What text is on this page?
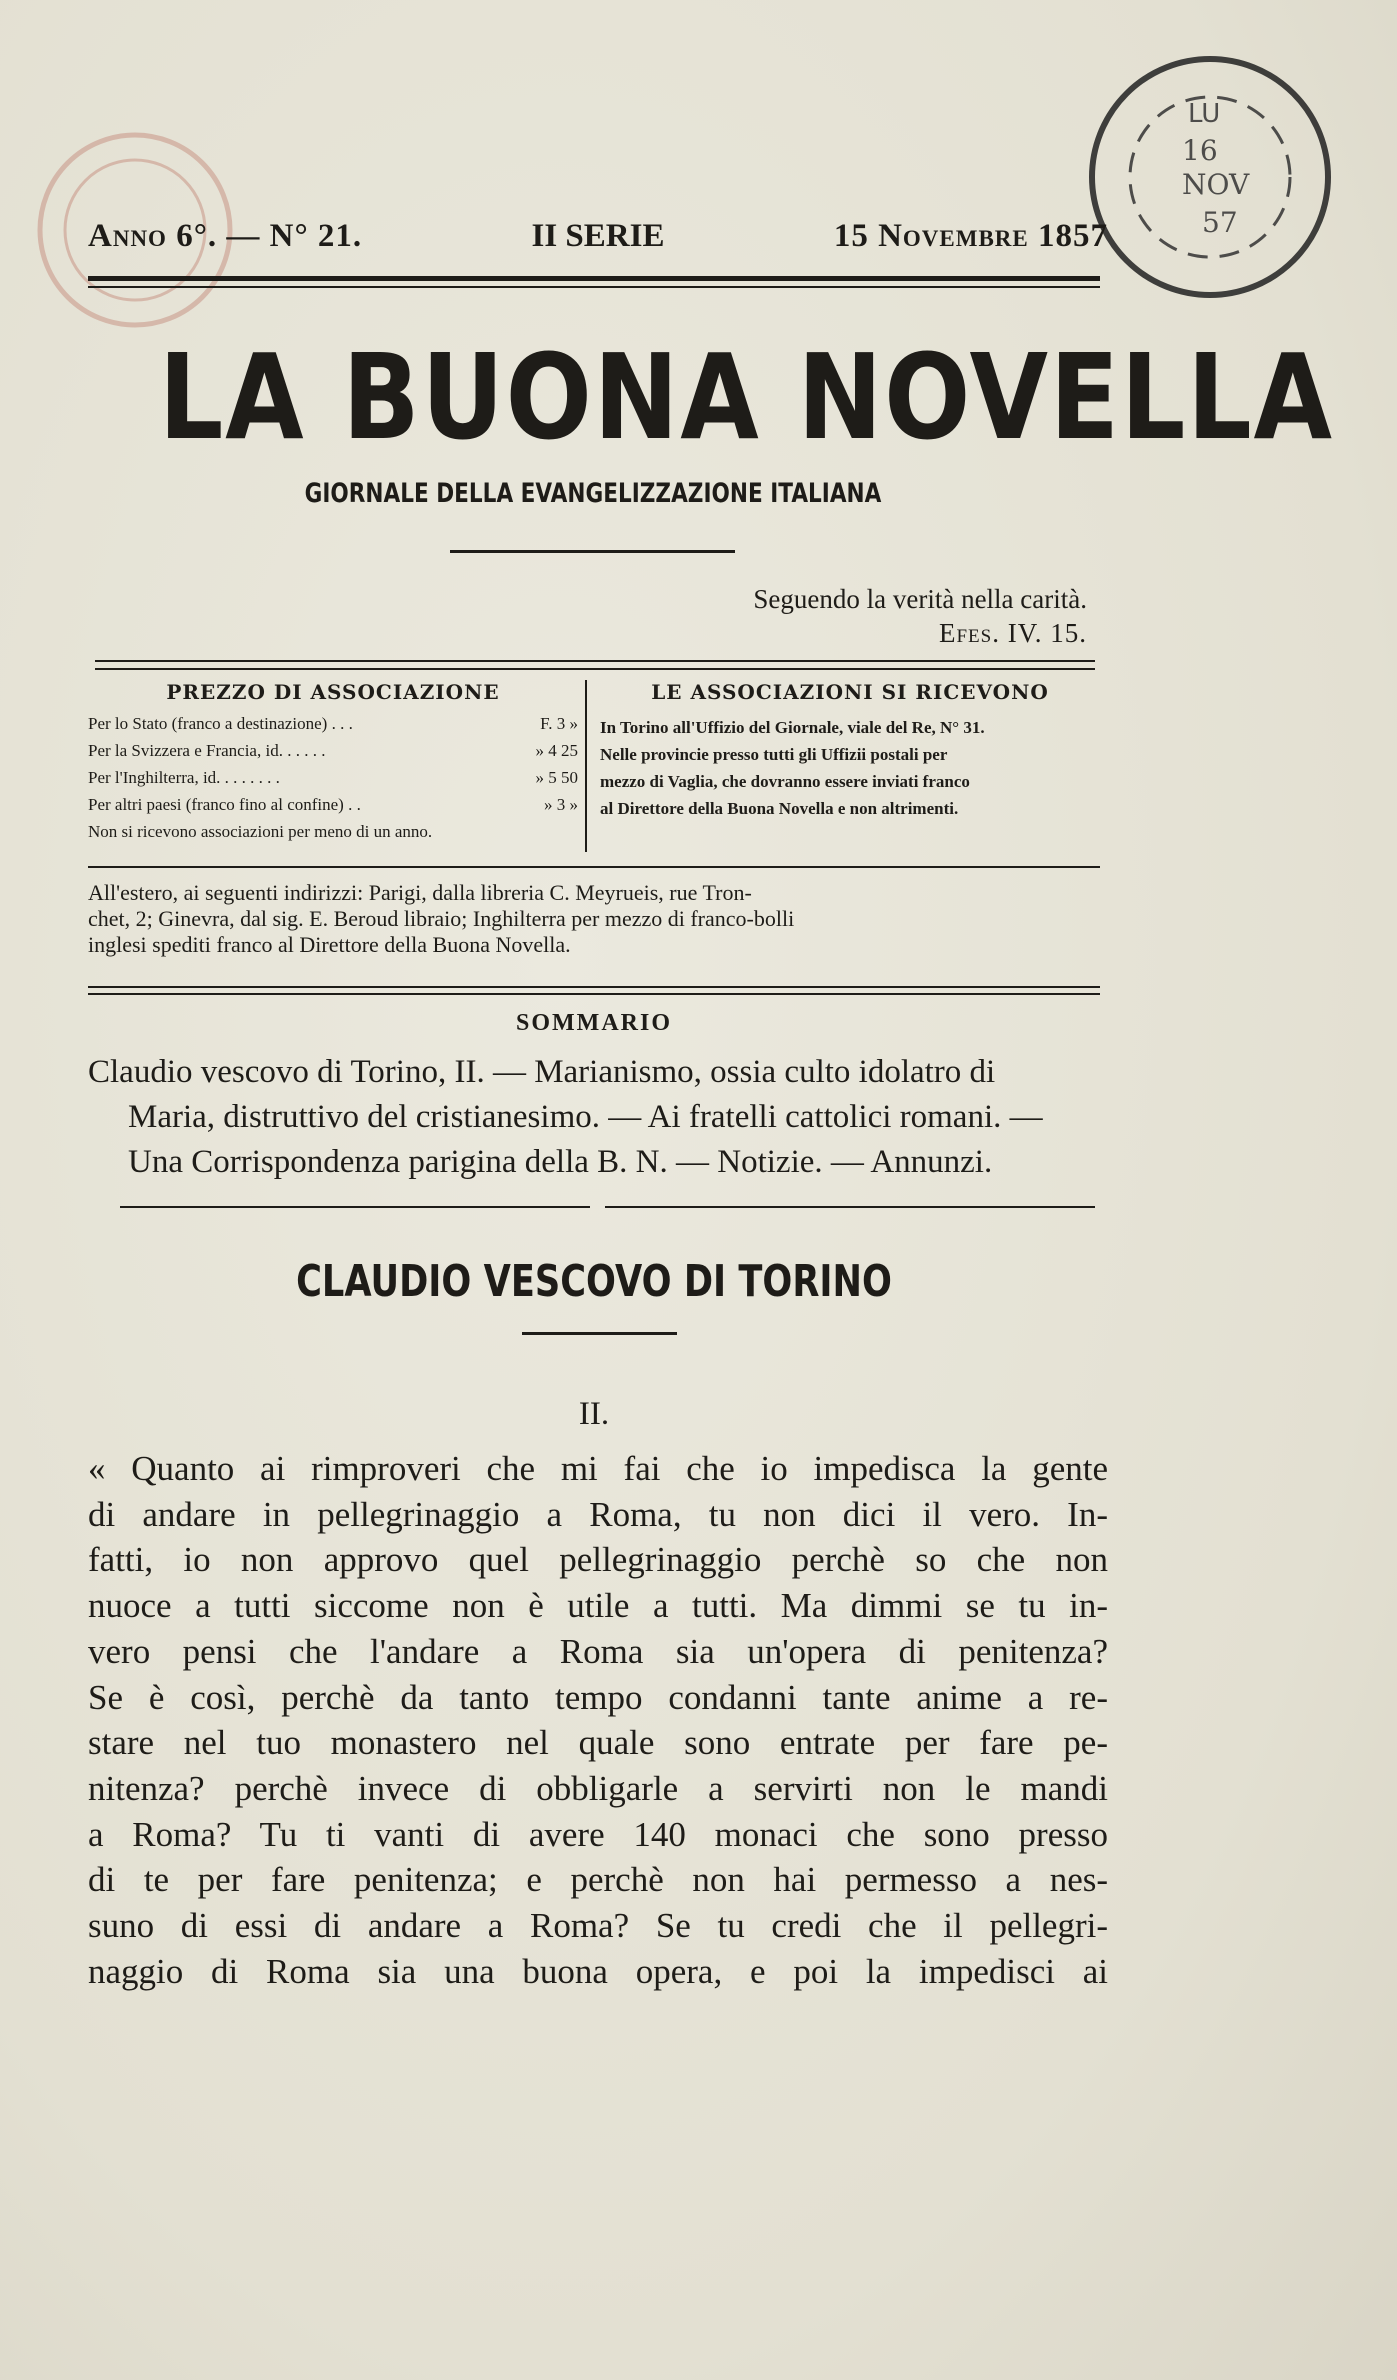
LU
16
NOV
57
Anno 6°. — N° 21.	II SERIE	15 Novembre 1857
LA BUONA NOVELLA
GIORNALE DELLA EVANGELIZZAZIONE ITALIANA
Seguendo la verità nella carità.
Efes. IV. 15.
PREZZO DI ASSOCIAZIONE
Per lo Stato (franco a destinazione) . . .	F. 3 »
Per la Svizzera e Francia, id. . . . . .	» 4 25
Per l'Inghilterra, id. . . . . . . .	» 5 50
Per altri paesi (franco fino al confine) . .	» 3 »
Non si ricevono associazioni per meno di un anno.
LE ASSOCIAZIONI SI RICEVONO
In Torino all'Uffizio del Giornale, viale del Re, N° 31.
Nelle provincie presso tutti gli Uffizii postali per
mezzo di Vaglia, che dovranno essere inviati franco
al Direttore della Buona Novella e non altrimenti.
All'estero, ai seguenti indirizzi: Parigi, dalla libreria C. Meyrueis, rue Tron-
chet, 2; Ginevra, dal sig. E. Beroud libraio; Inghilterra per mezzo di franco-bolli
inglesi spediti franco al Direttore della Buona Novella.
SOMMARIO
Claudio vescovo di Torino, II. — Marianismo, ossia culto idolatro di
Maria, distruttivo del cristianesimo. — Ai fratelli cattolici romani. —
Una Corrispondenza parigina della B. N. — Notizie. — Annunzi.
CLAUDIO VESCOVO DI TORINO
II.
« Quanto ai rimproveri che mi fai che io impedisca la gente
di andare in pellegrinaggio a Roma, tu non dici il vero. In-
fatti, io non approvo quel pellegrinaggio perchè so che non
nuoce a tutti siccome non è utile a tutti. Ma dimmi se tu in-
vero pensi che l'andare a Roma sia un'opera di penitenza?
Se è così, perchè da tanto tempo condanni tante anime a re-
stare nel tuo monastero nel quale sono entrate per fare pe-
nitenza? perchè invece di obbligarle a servirti non le mandi
a Roma? Tu ti vanti di avere 140 monaci che sono presso
di te per fare penitenza; e perchè non hai permesso a nes-
suno di essi di andare a Roma? Se tu credi che il pellegri-
naggio di Roma sia una buona opera, e poi la impedisci ai
